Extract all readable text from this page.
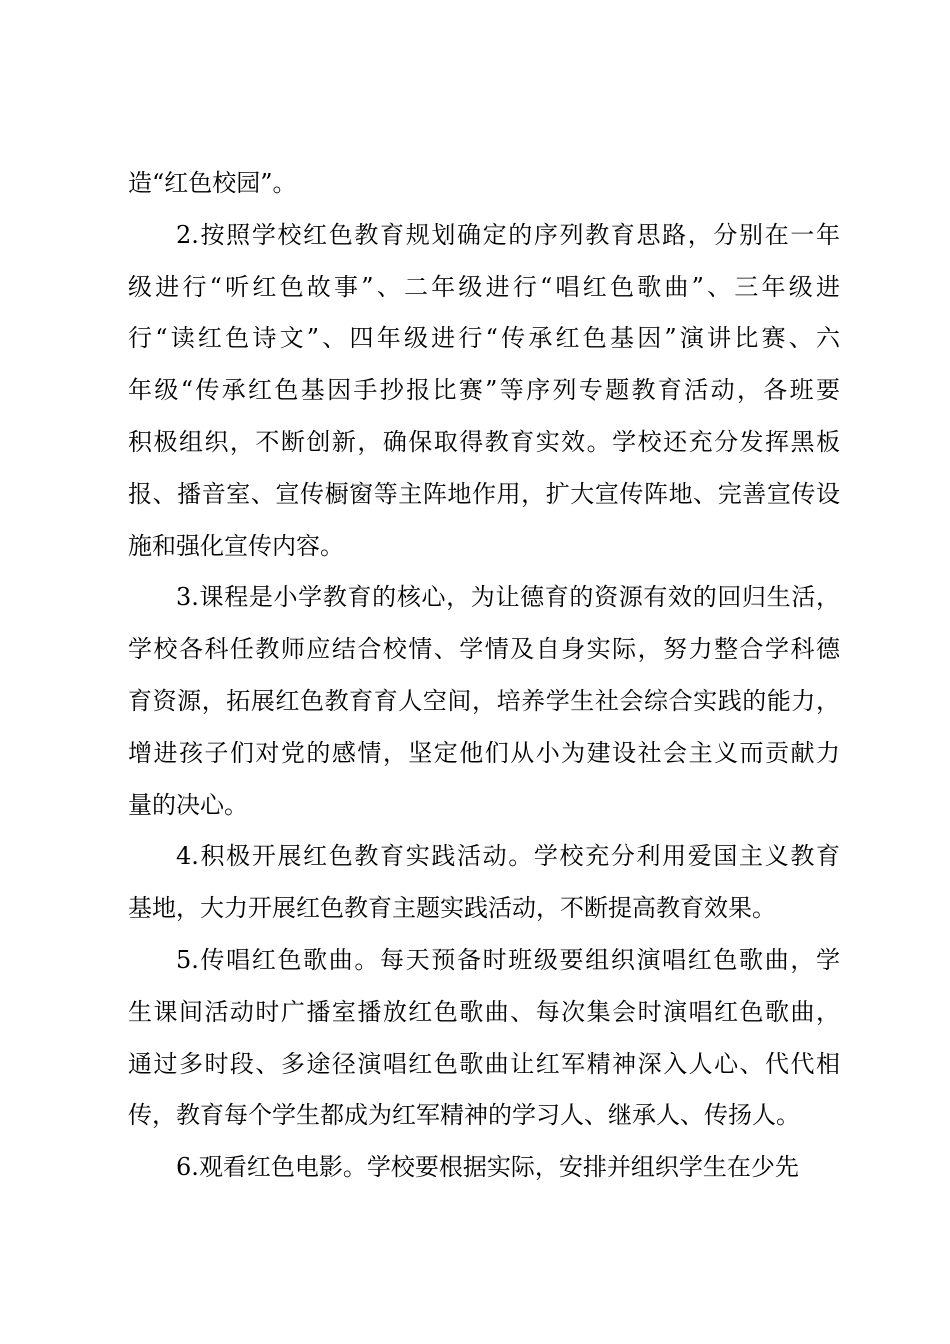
造“红色校园”。
2.按照学校红色教育规划确定的序列教育思路，分别在一年
级进行“听红色故事”、二年级进行“唱红色歌曲”、三年级进
行“读红色诗文”、四年级进行“传承红色基因”演讲比赛、六
年级“传承红色基因手抄报比赛”等序列专题教育活动，各班要
积极组织，不断创新，确保取得教育实效。学校还充分发挥黑板
报、播音室、宣传橱窗等主阵地作用，扩大宣传阵地、完善宣传设
施和强化宣传内容。
3.课程是小学教育的核心，为让德育的资源有效的回归生活，
学校各科任教师应结合校情、学情及自身实际，努力整合学科德
育资源，拓展红色教育育人空间，培养学生社会综合实践的能力，
增进孩子们对党的感情，坚定他们从小为建设社会主义而贡献力
量的决心。
4.积极开展红色教育实践活动。学校充分利用爱国主义教育
基地，大力开展红色教育主题实践活动，不断提高教育效果。
5.传唱红色歌曲。每天预备时班级要组织演唱红色歌曲，学
生课间活动时广播室播放红色歌曲、每次集会时演唱红色歌曲，
通过多时段、多途径演唱红色歌曲让红军精神深入人心、代代相
传，教育每个学生都成为红军精神的学习人、继承人、传扬人。
6.观看红色电影。学校要根据实际，安排并组织学生在少先
